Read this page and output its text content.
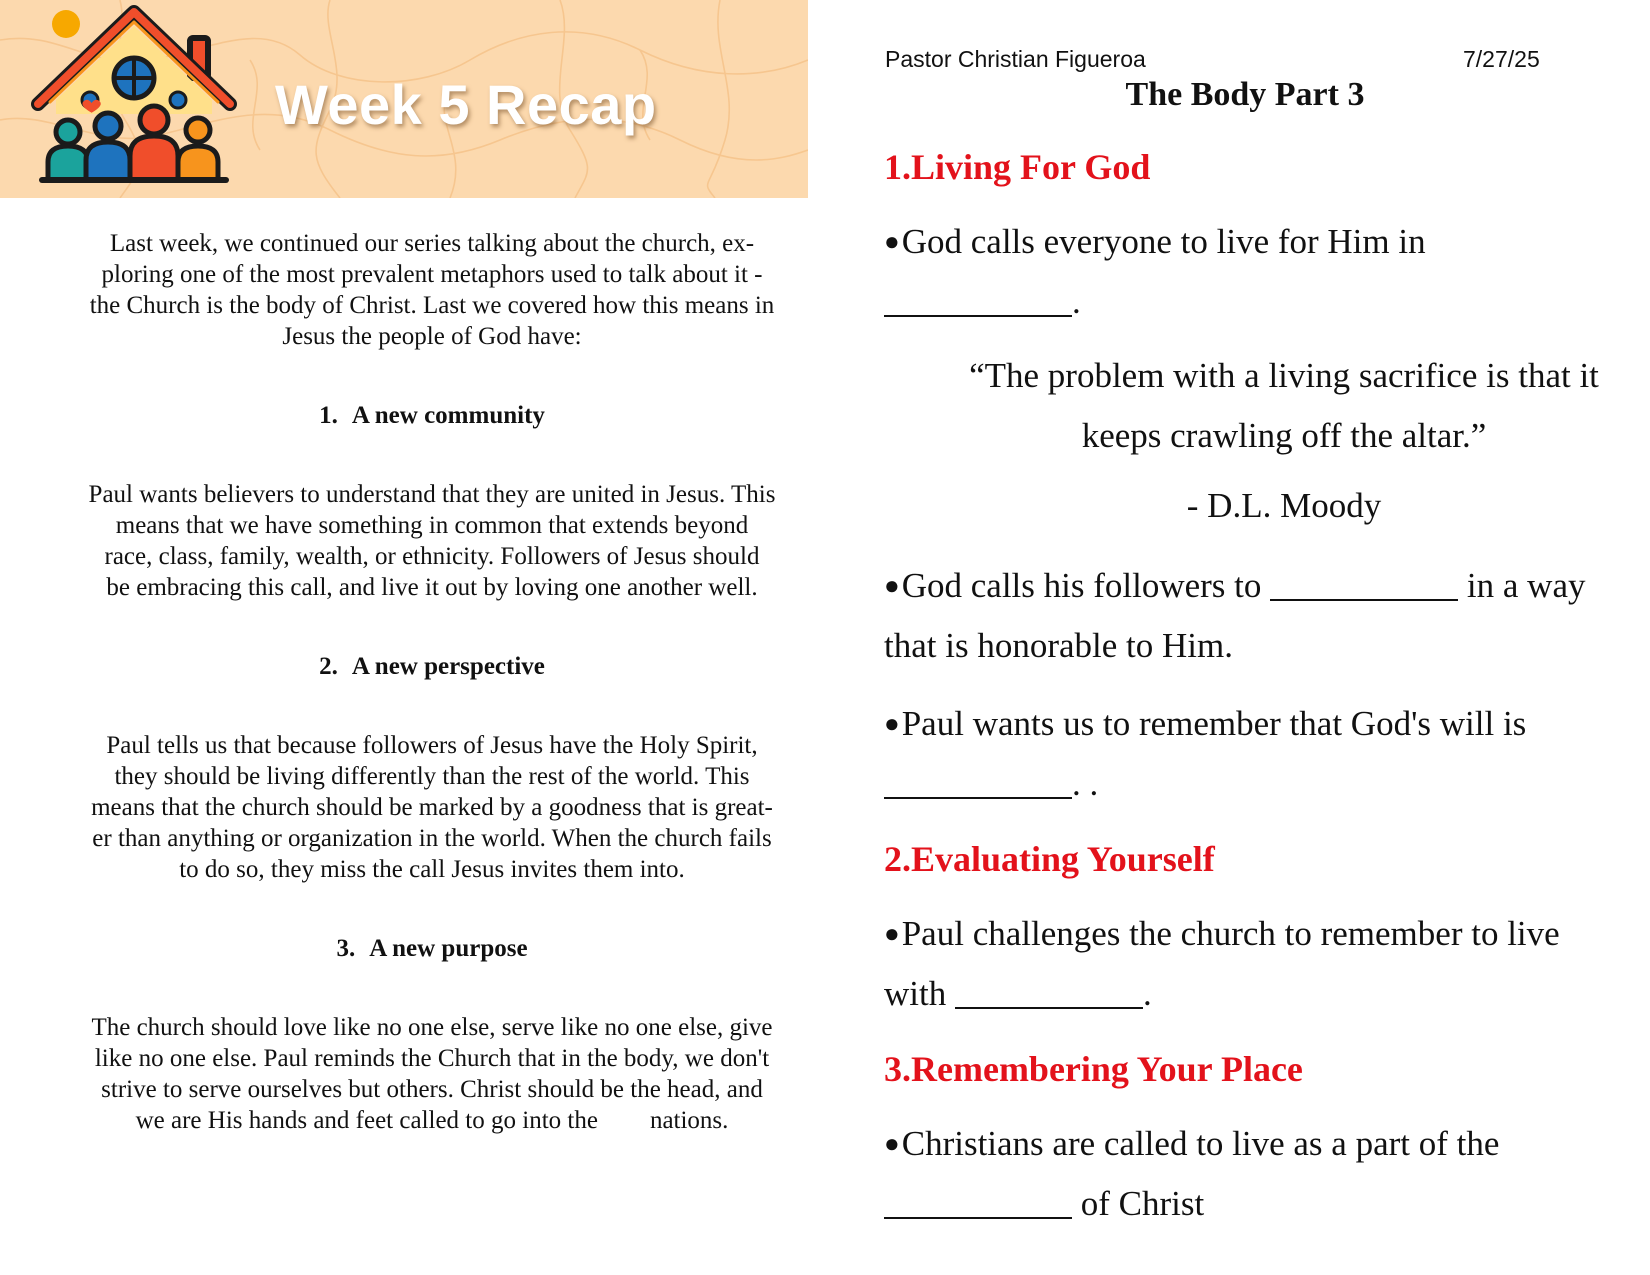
Week 5 Recap

Last week, we continued our series talking about the church, ex-
ploring one of the most prevalent metaphors used to talk about it -
the Church is the body of Christ. Last we covered how this means in
Jesus the people of God have:

1. A new community

Paul wants believers to understand that they are united in Jesus. This
means that we have something in common that extends beyond
race, class, family, wealth, or ethnicity. Followers of Jesus should
be embracing this call, and live it out by loving one another well.

2. A new perspective

Paul tells us that because followers of Jesus have the Holy Spirit,
they should be living differently than the rest of the world. This
means that the church should be marked by a goodness that is great-
er than anything or organization in the world. When the church fails
to do so, they miss the call Jesus invites them into.

3. A new purpose

The church should love like no one else, serve like no one else, give
like no one else. Paul reminds the Church that in the body, we don't
strive to serve ourselves but others. Christ should be the head, and
we are His hands and feet called to go into the nations.

Pastor Christian Figueroa	7/27/25
The Body Part 3
1.Living For God
●God calls everyone to live for Him in
.
“The problem with a living sacrifice is that it
keeps crawling off the altar.”
- D.L. Moody
●God calls his followers to	in a way
that is honorable to Him.
●Paul wants us to remember that God's will is
. .
2.Evaluating Yourself
●Paul challenges the church to remember to live
with	.
3.Remembering Your Place
●Christians are called to live as a part of the
of Christ
